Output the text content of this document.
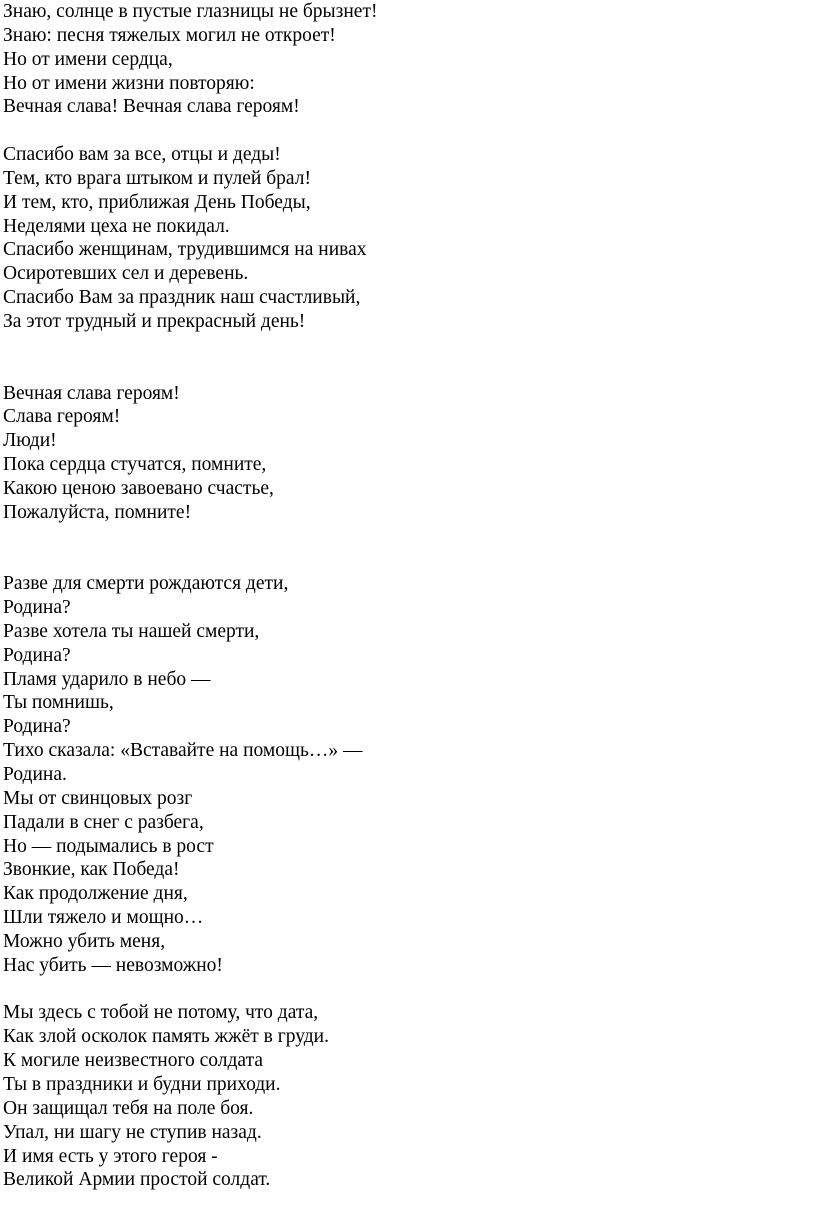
Знаю, солнце в пустые глазницы не брызнет!
Знаю: песня тяжелых могил не откроет!
Но от имени сердца,
Но от имени жизни повторяю:
Вечная слава! Вечная слава героям!
Спасибо вам за все, отцы и деды!
Тем, кто врага штыком и пулей брал!
И тем, кто, приближая День Победы,
Неделями цеха не покидал.
Спасибо женщинам, трудившимся на нивах
Осиротевших сел и деревень.
Спасибо Вам за праздник наш счастливый,
За этот трудный и прекрасный день!
Вечная слава героям!
Слава героям!
Люди!
Пока сердца стучатся, помните,
Какою ценою завоевано счастье,
Пожалуйста, помните!
Разве для смерти рождаются дети,
Родина?
Разве хотела ты нашей смерти,
Родина?
Пламя ударило в небо —
Ты помнишь,
Родина?
Тихо сказала: «Вставайте на помощь…» —
Родина.
Мы от свинцовых розг
Падали в снег с разбега,
Но — подымались в рост
Звонкие, как Победа!
Как продолжение дня,
Шли тяжело и мощно…
Можно убить меня,
Нас убить — невозможно!
Мы здесь с тобой не потому, что дата,
Как злой осколок память жжёт в груди.
К могиле неизвестного солдата
Ты в праздники и будни приходи.
Он защищал тебя на поле боя.
Упал, ни шагу не ступив назад.
И имя есть у этого героя -
Великой Армии простой солдат.
